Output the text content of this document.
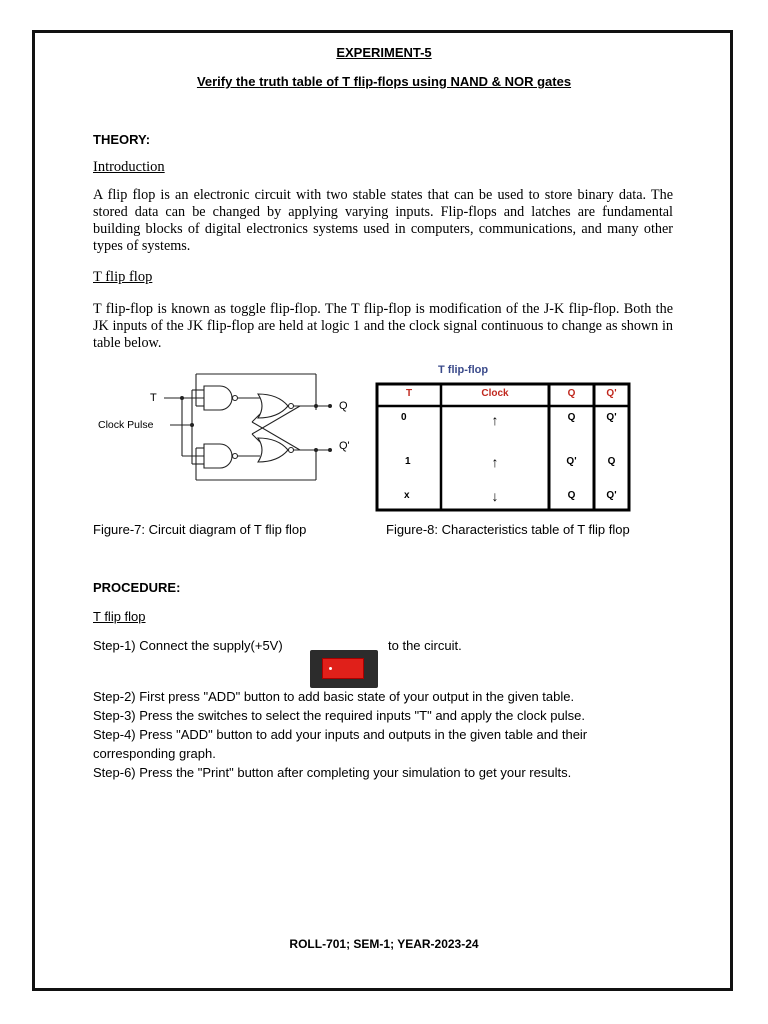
EXPERIMENT-5
Verify the truth table of T flip-flops using NAND & NOR gates
THEORY:
Introduction
A flip flop is an electronic circuit with two stable states that can be used to store binary data. The stored data can be changed by applying varying inputs. Flip-flops and latches are fundamental building blocks of digital electronics systems used in computers, communications, and many other types of systems.
T flip flop
T flip-flop is known as toggle flip-flop. The T flip-flop is modification of the J-K flip-flop. Both the JK inputs of the JK flip-flop are held at logic 1 and the clock signal continuous to change as shown in table below.
T
Clock Pulse
Q
Q'
T flip-flop
T	Clock	Q	Q'
0	↑	Q	Q'
1	↑	Q'	Q
x	↓	Q	Q'
Figure-7: Circuit diagram of T flip flop	Figure-8: Characteristics table of T flip flop
PROCEDURE:
T flip flop
Step-1) Connect the supply(+5V)	to the circuit.
Step-2) First press "ADD" button to add basic state of your output in the given table.
Step-3) Press the switches to select the required inputs "T" and apply the clock pulse.
Step-4) Press "ADD" button to add your inputs and outputs in the given table and their
corresponding graph.
Step-6) Press the "Print" button after completing your simulation to get your results.
ROLL-701; SEM-1; YEAR-2023-24
